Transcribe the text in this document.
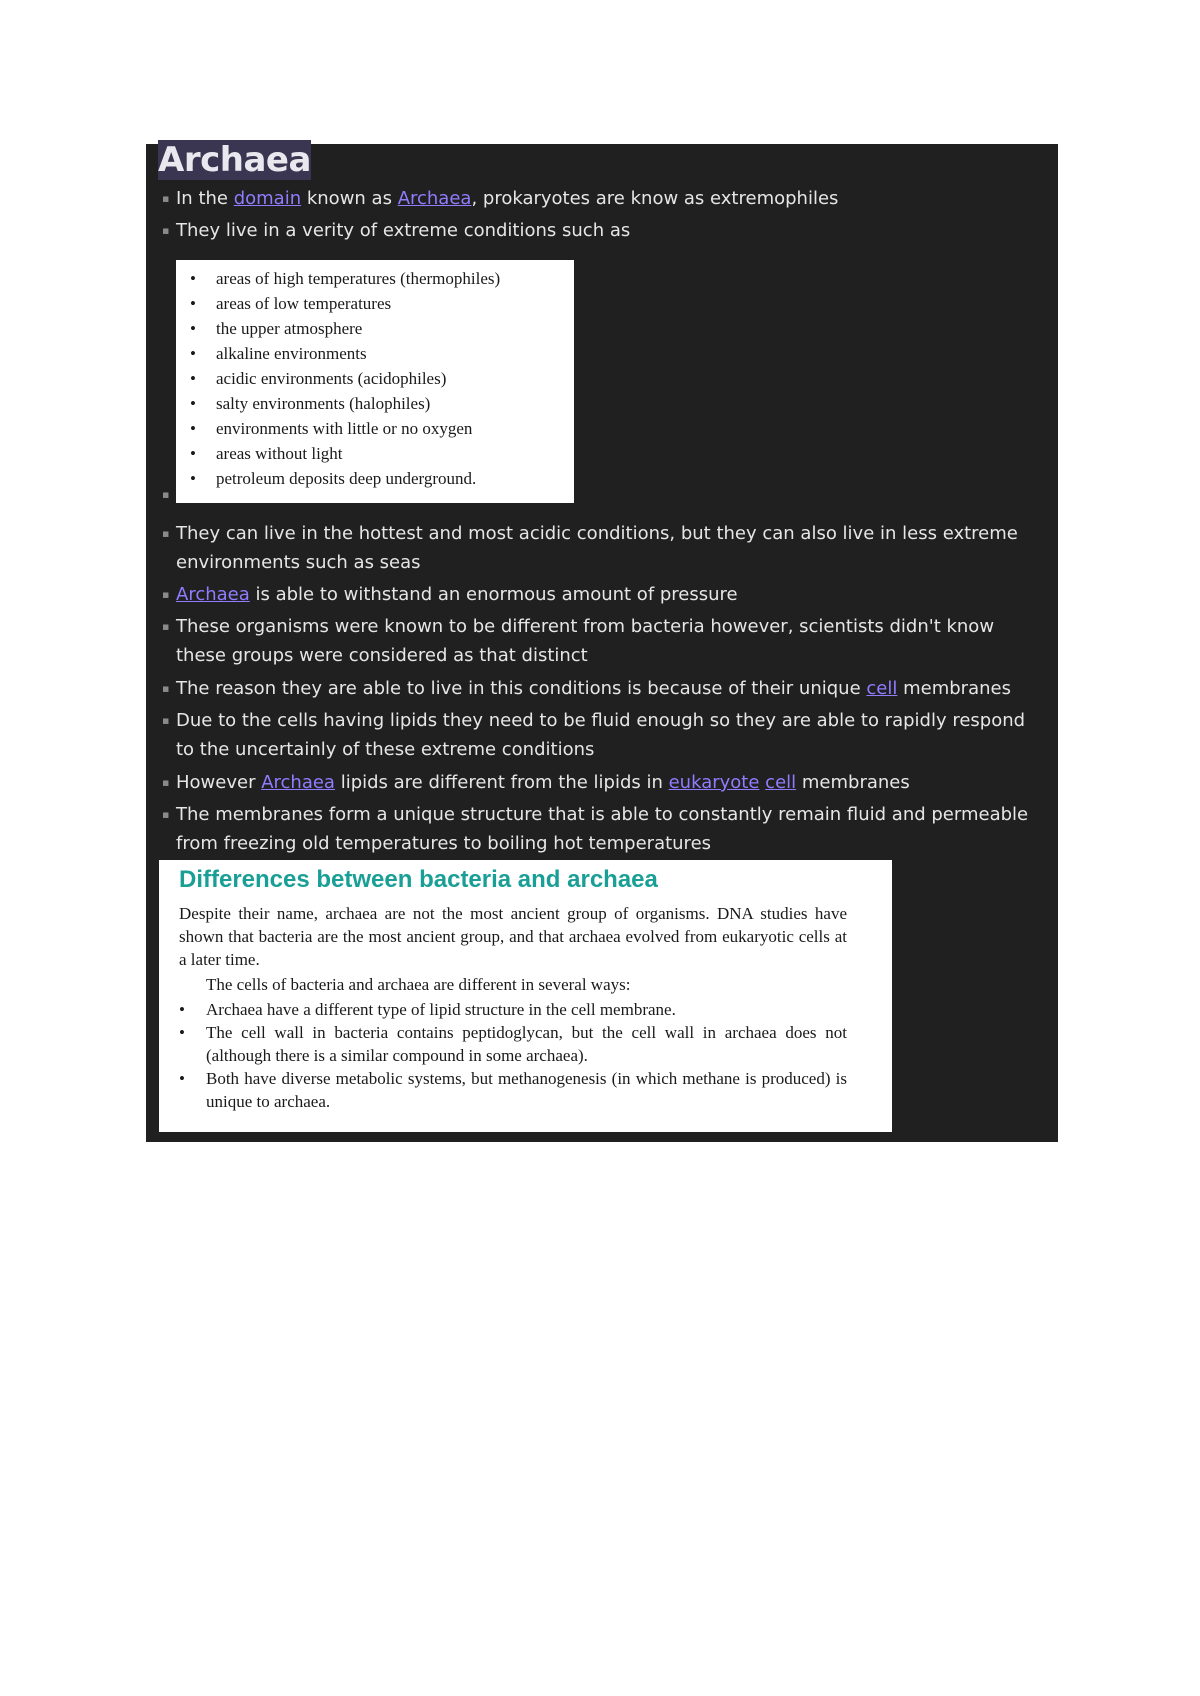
Archaea
▪ In the domain known as Archaea, prokaryotes are know as extremophiles
▪ They live in a verity of extreme conditions such as
• areas of high temperatures (thermophiles)
• areas of low temperatures
• the upper atmosphere
• alkaline environments
• acidic environments (acidophiles)
• salty environments (halophiles)
• environments with little or no oxygen
• areas without light
• petroleum deposits deep underground.
▪
▪ They can live in the hottest and most acidic conditions, but they can also live in less extreme environments such as seas
▪ Archaea is able to withstand an enormous amount of pressure
▪ These organisms were known to be different from bacteria however, scientists didn't know these groups were considered as that distinct
▪ The reason they are able to live in this conditions is because of their unique cell membranes
▪ Due to the cells having lipids they need to be fluid enough so they are able to rapidly respond to the uncertainly of these extreme conditions
▪ However Archaea lipids are different from the lipids in eukaryote cell membranes
▪ The membranes form a unique structure that is able to constantly remain fluid and permeable from freezing old temperatures to boiling hot temperatures
Differences between bacteria and archaea

Despite their name, archaea are not the most ancient group of organisms. DNA studies have shown that bacteria are the most ancient group, and that archaea evolved from eukaryotic cells at a later time.

The cells of bacteria and archaea are different in several ways:

• Archaea have a different type of lipid structure in the cell membrane.
• The cell wall in bacteria contains peptidoglycan, but the cell wall in archaea does not (although there is a similar compound in some archaea).
• Both have diverse metabolic systems, but methanogenesis (in which methane is produced) is unique to archaea.
